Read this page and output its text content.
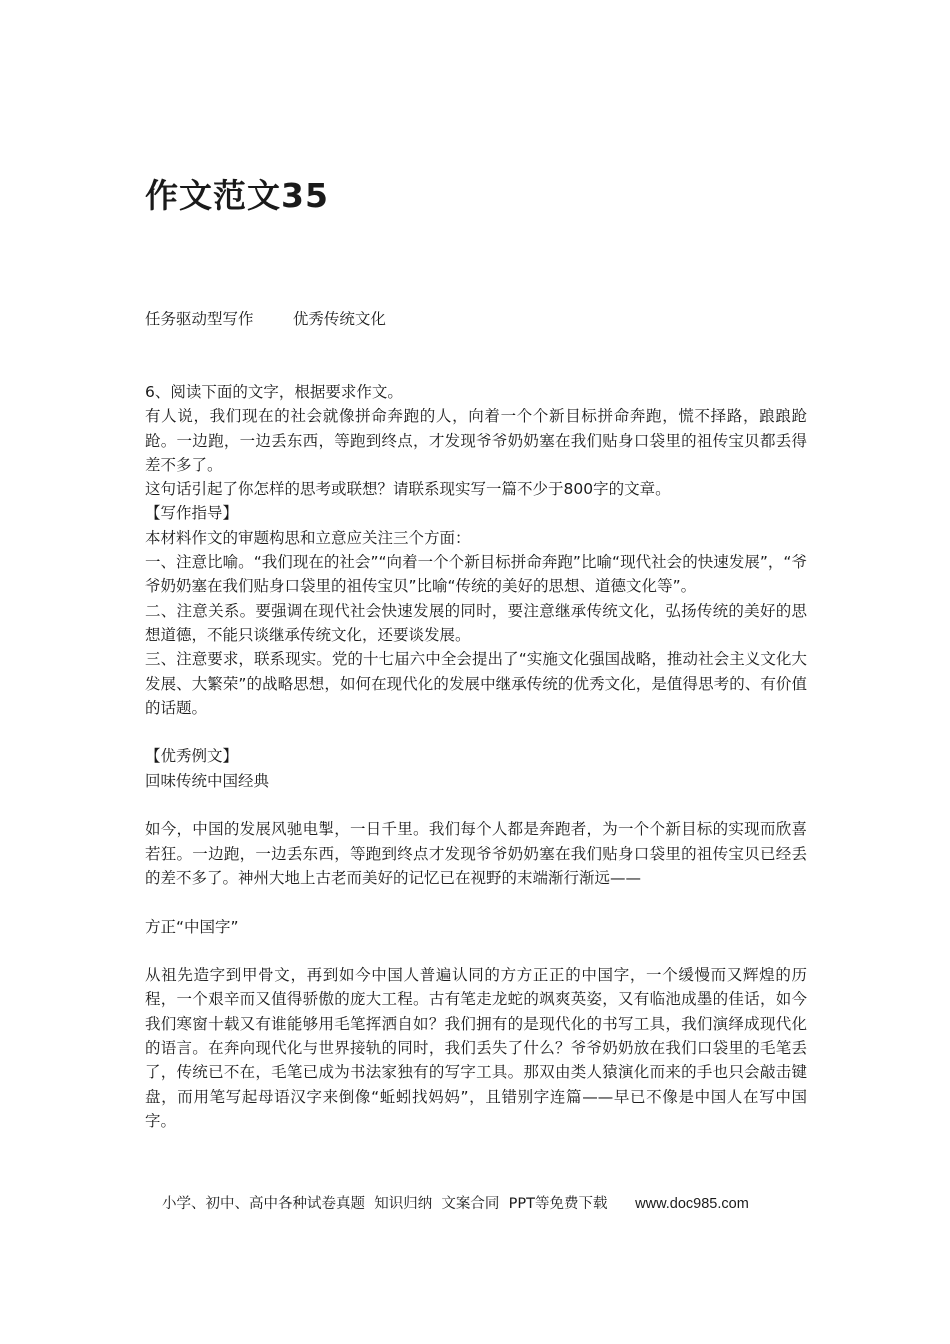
作文范文35
任务驱动型写作        优秀传统文化

6、阅读下面的文字，根据要求作文。

有人说，我们现在的社会就像拼命奔跑的人，向着一个个新目标拼命奔跑，慌不择路，踉踉跄跄。一边跑，一边丢东西，等跑到终点，才发现爷爷奶奶塞在我们贴身口袋里的祖传宝贝都丢得差不多了。

这句话引起了你怎样的思考或联想？请联系现实写一篇不少于800字的文章。

【写作指导】

本材料作文的审题构思和立意应关注三个方面：

一、注意比喻。“我们现在的社会”“向着一个个新目标拼命奔跑”比喻“现代社会的快速发展”，“爷爷奶奶塞在我们贴身口袋里的祖传宝贝”比喻“传统的美好的思想、道德文化等”。

二、注意关系。要强调在现代社会快速发展的同时，要注意继承传统文化，弘扬传统的美好的思想道德，不能只谈继承传统文化，还要谈发展。

三、注意要求，联系现实。党的十七届六中全会提出了“实施文化强国战略，推动社会主义文化大发展、大繁荣”的战略思想，如何在现代化的发展中继承传统的优秀文化，是值得思考的、有价值的话题。

【优秀例文】

回味传统中国经典

如今，中国的发展风驰电掣，一日千里。我们每个人都是奔跑者，为一个个新目标的实现而欣喜若狂。一边跑，一边丢东西，等跑到终点才发现爷爷奶奶塞在我们贴身口袋里的祖传宝贝已经丢的差不多了。神州大地上古老而美好的记忆已在视野的末端渐行渐远——

方正“中国字”

从祖先造字到甲骨文，再到如今中国人普遍认同的方方正正的中国字，一个缓慢而又辉煌的历程，一个艰辛而又值得骄傲的庞大工程。古有笔走龙蛇的飒爽英姿，又有临池成墨的佳话，如今我们寒窗十载又有谁能够用毛笔挥洒自如？我们拥有的是现代化的书写工具，我们演绎成现代化的语言。在奔向现代化与世界接轨的同时，我们丢失了什么？爷爷奶奶放在我们口袋里的毛笔丢了，传统已不在，毛笔已成为书法家独有的写字工具。那双由类人猿演化而来的手也只会敲击键盘，而用笔写起母语汉字来倒像“蚯蚓找妈妈”，且错别字连篇——早已不像是中国人在写中国字。

小学、初中、高中各种试卷真题  知识归纳  文案合同  PPT等免费下载      www.doc985.com
